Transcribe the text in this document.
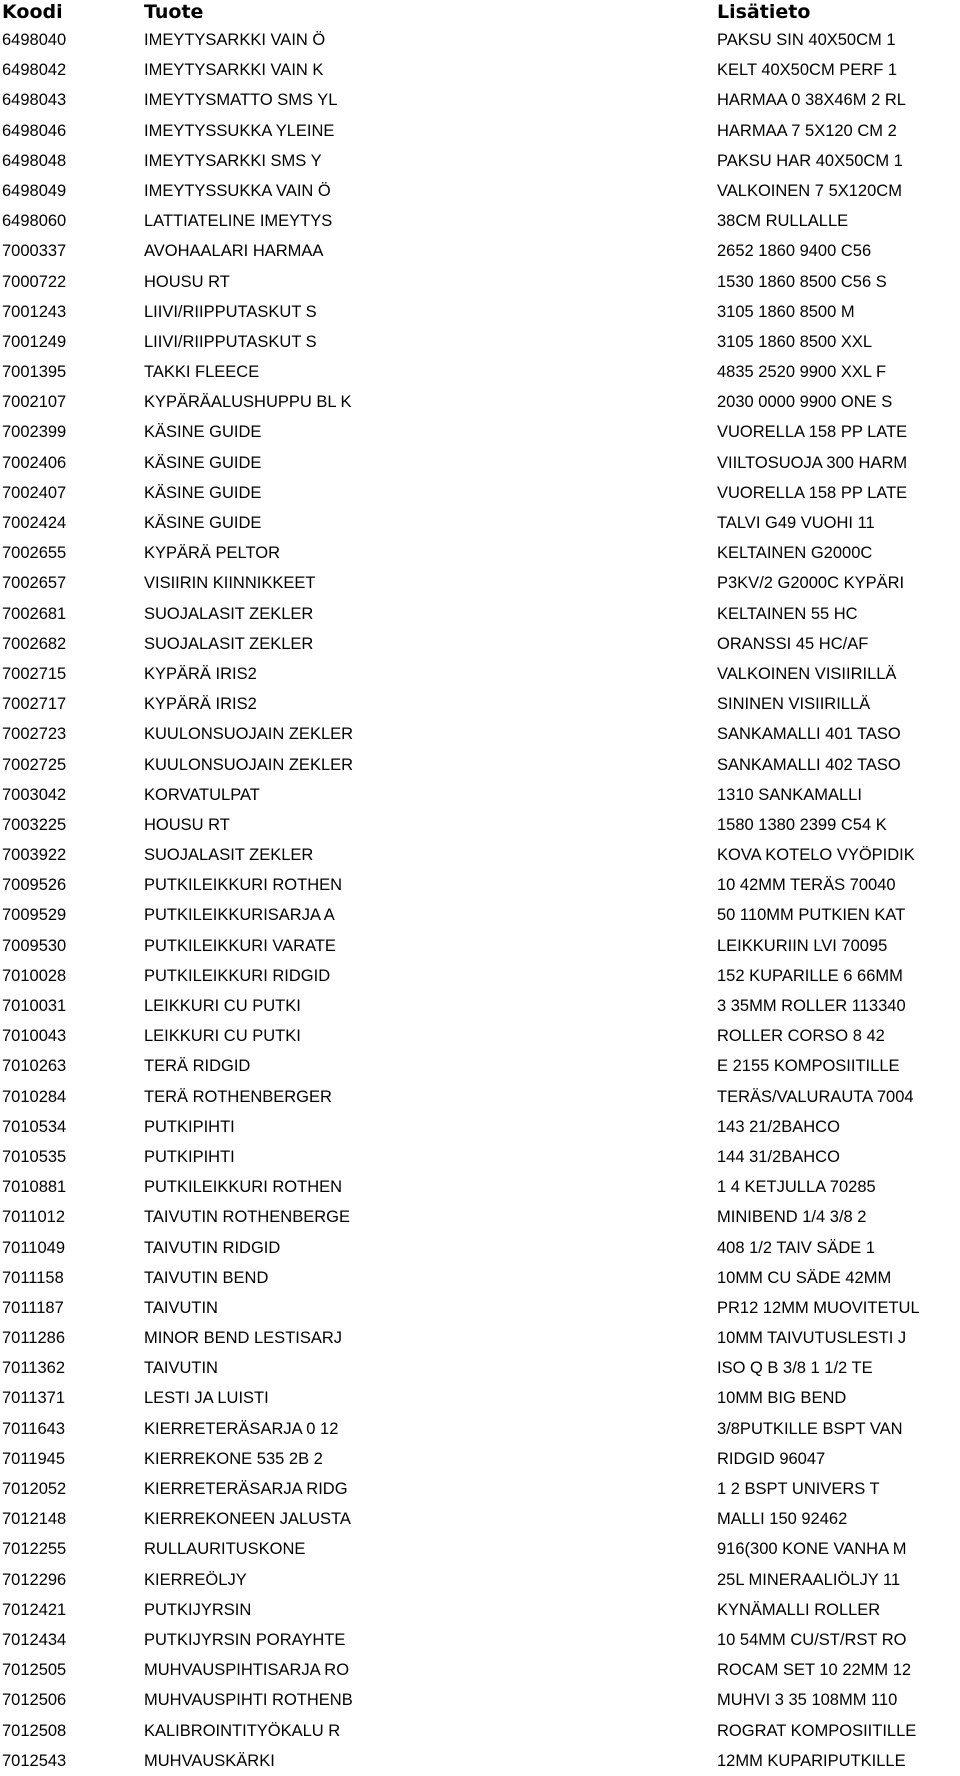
Koodi	Tuote	Lisätieto
6498040	IMEYTYSARKKI VAIN Ö	PAKSU SIN 40X50CM 1
6498042	IMEYTYSARKKI VAIN K	KELT 40X50CM PERF 1
6498043	IMEYTYSMATTO SMS YL	HARMAA 0 38X46M 2 RL
6498046	IMEYTYSSUKKA YLEINE	HARMAA 7 5X120 CM 2
6498048	IMEYTYSARKKI SMS Y	PAKSU HAR 40X50CM 1
6498049	IMEYTYSSUKKA VAIN Ö	VALKOINEN 7 5X120CM
6498060	LATTIATELINE IMEYTYS	38CM RULLALLE
7000337	AVOHAALARI HARMAA	2652 1860 9400 C56
7000722	HOUSU RT	1530 1860 8500 C56 S
7001243	LIIVI/RIIPPUTASKUT S	3105 1860 8500 M
7001249	LIIVI/RIIPPUTASKUT S	3105 1860 8500 XXL
7001395	TAKKI FLEECE	4835 2520 9900 XXL F
7002107	KYPÄRÄALUSHUPPU BL K	2030 0000 9900 ONE S
7002399	KÄSINE GUIDE	VUORELLA 158 PP LATE
7002406	KÄSINE GUIDE	VIILTOSUOJA 300 HARM
7002407	KÄSINE GUIDE	VUORELLA 158 PP LATE
7002424	KÄSINE GUIDE	TALVI G49 VUOHI 11
7002655	KYPÄRÄ PELTOR	KELTAINEN G2000C
7002657	VISIIRIN KIINNIKKEET	P3KV/2 G2000C KYPÄRI
7002681	SUOJALASIT ZEKLER	KELTAINEN 55 HC
7002682	SUOJALASIT ZEKLER	ORANSSI 45 HC/AF
7002715	KYPÄRÄ IRIS2	VALKOINEN VISIIRILLÄ
7002717	KYPÄRÄ IRIS2	SININEN VISIIRILLÄ
7002723	KUULONSUOJAIN ZEKLER	SANKAMALLI 401 TASO
7002725	KUULONSUOJAIN ZEKLER	SANKAMALLI 402 TASO
7003042	KORVATULPAT	1310 SANKAMALLI
7003225	HOUSU RT	1580 1380 2399 C54 K
7003922	SUOJALASIT ZEKLER	KOVA KOTELO VYÖPIDIK
7009526	PUTKILEIKKURI ROTHEN	10 42MM TERÄS 70040
7009529	PUTKILEIKKURISARJA A	50 110MM PUTKIEN KAT
7009530	PUTKILEIKKURI VARATE	LEIKKURIIN LVI 70095
7010028	PUTKILEIKKURI RIDGID	152 KUPARILLE 6 66MM
7010031	LEIKKURI CU PUTKI	3 35MM ROLLER 113340
7010043	LEIKKURI CU PUTKI	ROLLER CORSO 8 42
7010263	TERÄ RIDGID	E 2155 KOMPOSIITILLE
7010284	TERÄ ROTHENBERGER	TERÄS/VALURAUTA 7004
7010534	PUTKIPIHTI	143 21/2BAHCO
7010535	PUTKIPIHTI	144 31/2BAHCO
7010881	PUTKILEIKKURI ROTHEN	1 4 KETJULLA 70285
7011012	TAIVUTIN ROTHENBERGE	MINIBEND 1/4 3/8 2
7011049	TAIVUTIN RIDGID	408 1/2 TAIV SÄDE 1
7011158	TAIVUTIN BEND	10MM CU SÄDE 42MM
7011187	TAIVUTIN	PR12 12MM MUOVITETUL
7011286	MINOR BEND LESTISARJ	10MM TAIVUTUSLESTI J
7011362	TAIVUTIN	ISO Q B 3/8 1 1/2 TE
7011371	LESTI JA LUISTI	10MM BIG BEND
7011643	KIERRETERÄSARJA 0 12	3/8PUTKILLE BSPT VAN
7011945	KIERREKONE 535 2B 2	RIDGID 96047
7012052	KIERRETERÄSARJA RIDG	1 2 BSPT UNIVERS T
7012148	KIERREKONEEN JALUSTA	MALLI 150 92462
7012255	RULLAURITUSKONE	916(300 KONE VANHA M
7012296	KIERREÖLJY	25L MINERAALIÖLJY 11
7012421	PUTKIJYRSIN	KYNÄMALLI ROLLER
7012434	PUTKIJYRSIN PORAYHTE	10 54MM CU/ST/RST RO
7012505	MUHVAUSPIHTISARJA RO	ROCAM SET 10 22MM 12
7012506	MUHVAUSPIHTI ROTHENB	MUHVI 3 35 108MM 110
7012508	KALIBROINTITYÖKALU R	ROGRAT KOMPOSIITILLE
7012543	MUHVAUSKÄRKI	12MM KUPARIPUTKILLE
